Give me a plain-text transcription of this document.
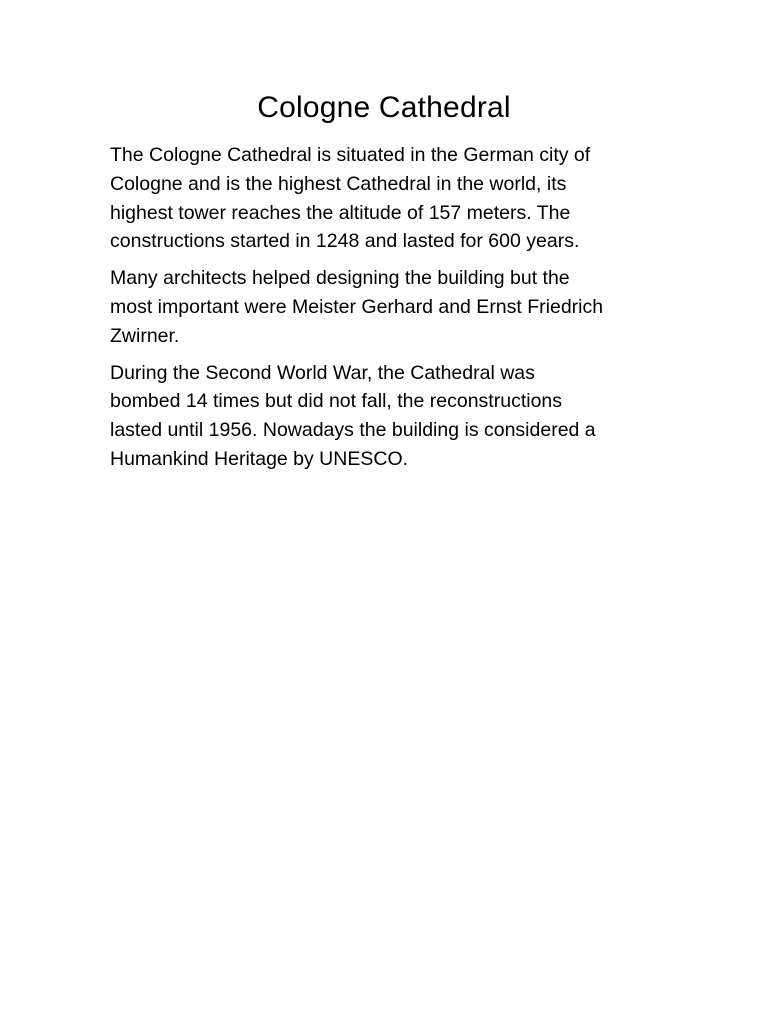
Cologne Cathedral

The Cologne Cathedral is situated in the German city of
Cologne and is the highest Cathedral in the world, its
highest tower reaches the altitude of 157 meters. The
constructions started in 1248 and lasted for 600 years.

Many architects helped designing the building but the
most important were Meister Gerhard and Ernst Friedrich
Zwirner.

During the Second World War, the Cathedral was
bombed 14 times but did not fall, the reconstructions
lasted until 1956. Nowadays the building is considered a
Humankind Heritage by UNESCO.
